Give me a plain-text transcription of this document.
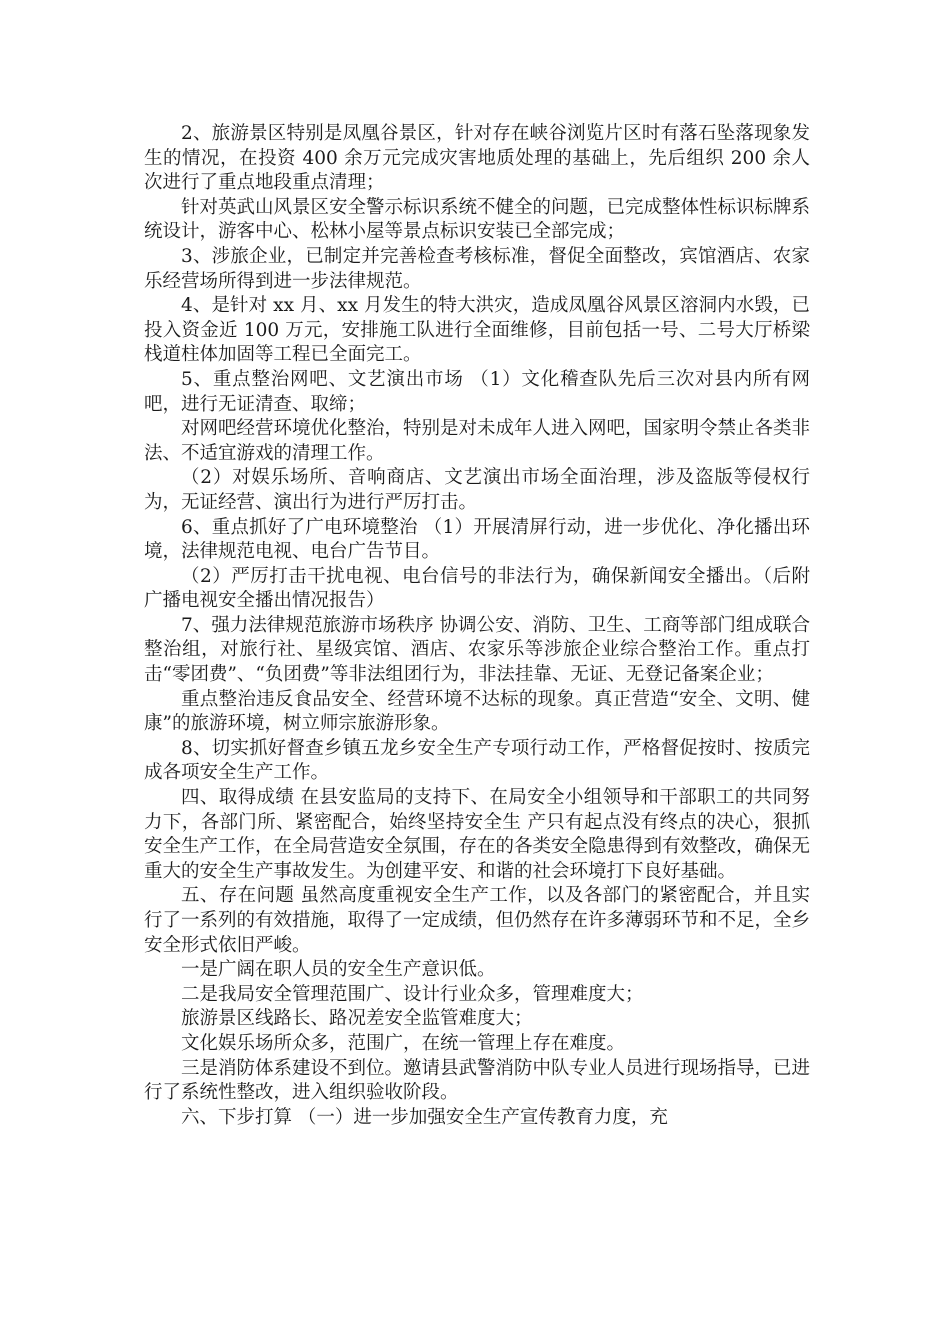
2、旅游景区特别是凤凰谷景区，针对存在峡谷浏览片区时有落石坠落现象发生的情况，在投资 400 余万元完成灾害地质处理的基础上，先后组织 200 余人次进行了重点地段重点清理；

针对英武山风景区安全警示标识系统不健全的问题，已完成整体性标识标牌系统设计，游客中心、松林小屋等景点标识安装已全部完成；

3、涉旅企业，已制定并完善检查考核标准，督促全面整改，宾馆酒店、农家乐经营场所得到进一步法律规范。

4、是针对 xx 月、xx 月发生的特大洪灾，造成凤凰谷风景区溶洞内水毁，已投入资金近 100 万元，安排施工队进行全面维修，目前包括一号、二号大厅桥梁栈道柱体加固等工程已全面完工。

5、重点整治网吧、文艺演出市场 （1）文化稽查队先后三次对县内所有网吧，进行无证清查、取缔；

对网吧经营环境优化整治，特别是对未成年人进入网吧，国家明令禁止各类非法、不适宜游戏的清理工作。

（2）对娱乐场所、音响商店、文艺演出市场全面治理，涉及盗版等侵权行为，无证经营、演出行为进行严厉打击。

6、重点抓好了广电环境整治 （1）开展清屏行动，进一步优化、净化播出环境，法律规范电视、电台广告节目。

（2）严厉打击干扰电视、电台信号的非法行为，确保新闻安全播出。（后附广播电视安全播出情况报告）

7、强力法律规范旅游市场秩序 协调公安、消防、卫生、工商等部门组成联合整治组，对旅行社、星级宾馆、酒店、农家乐等涉旅企业综合整治工作。重点打击“零团费”、“负团费”等非法组团行为，非法挂靠、无证、无登记备案企业；

重点整治违反食品安全、经营环境不达标的现象。真正营造“安全、文明、健康”的旅游环境，树立师宗旅游形象。

8、切实抓好督查乡镇五龙乡安全生产专项行动工作，严格督促按时、按质完成各项安全生产工作。

四、取得成绩 在县安监局的支持下、在局安全小组领导和干部职工的共同努力下，各部门所、紧密配合，始终坚持安全生 产只有起点没有终点的决心，狠抓安全生产工作，在全局营造安全氛围，存在的各类安全隐患得到有效整改，确保无重大的安全生产事故发生。为创建平安、和谐的社会环境打下良好基础。

五、存在问题 虽然高度重视安全生产工作，以及各部门的紧密配合，并且实行了一系列的有效措施，取得了一定成绩，但仍然存在许多薄弱环节和不足，全乡安全形式依旧严峻。

一是广阔在职人员的安全生产意识低。

二是我局安全管理范围广、设计行业众多，管理难度大；

旅游景区线路长、路况差安全监管难度大；

文化娱乐场所众多，范围广，在统一管理上存在难度。

三是消防体系建设不到位。邀请县武警消防中队专业人员进行现场指导，已进行了系统性整改，进入组织验收阶段。

六、下步打算 （一）进一步加强安全生产宣传教育力度，充
